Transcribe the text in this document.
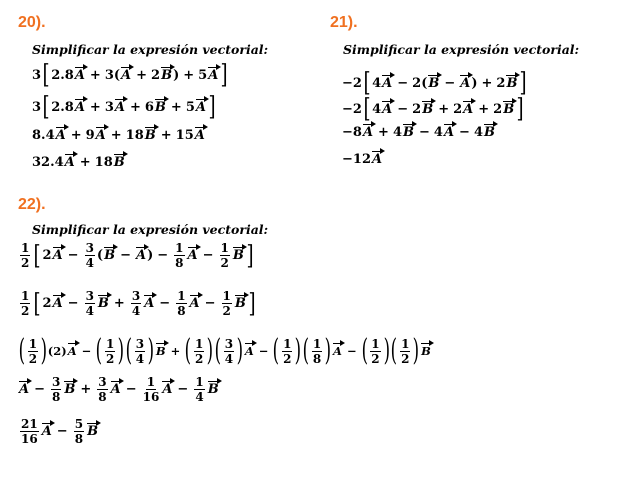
20).
Simplificar la expresión vectorial:
3 [ 2.8 A + 3( A + 2 B ) + 5 A ]
3 [ 2.8 A + 3 A + 6 B + 5 A ]
8.4 A + 9 A + 18 B + 15 A
32.4 A + 18 B
21).
Simplificar la expresión vectorial:
−2 [ 4 A − 2( B − A ) + 2 B ]
−2 [ 4 A − 2 B + 2 A + 2 B ]
−8 A + 4 B − 4 A − 4 B
−12 A
22).
Simplificar la expresión vectorial:
1
2 [ 2 $A - \frac{3}{4}$ ( B − A ) − $\frac{1}{8}$ $A - \frac{1}{2}$ B ]
1
2 [ 2 $A - \frac{3}{4}$ $B + \frac{3}{4}$ $A - \frac{1}{8}$ $A - \frac{1}{2}$ B ]
( 1
2 ) (2) A − ( 1
2 ) ( 3
4 ) B + ( 1
2 ) ( 3
4 ) A − ( 1
2 ) ( 1
8 ) A − ( 1
2 ) ( 1
2 ) B
$A - \frac{3}{8}$ $B + \frac{3}{8}$ $A - \frac{1}{16}$ $A - \frac{1}{4}$ B
21
16 $A - \frac{5}{8}$ B
